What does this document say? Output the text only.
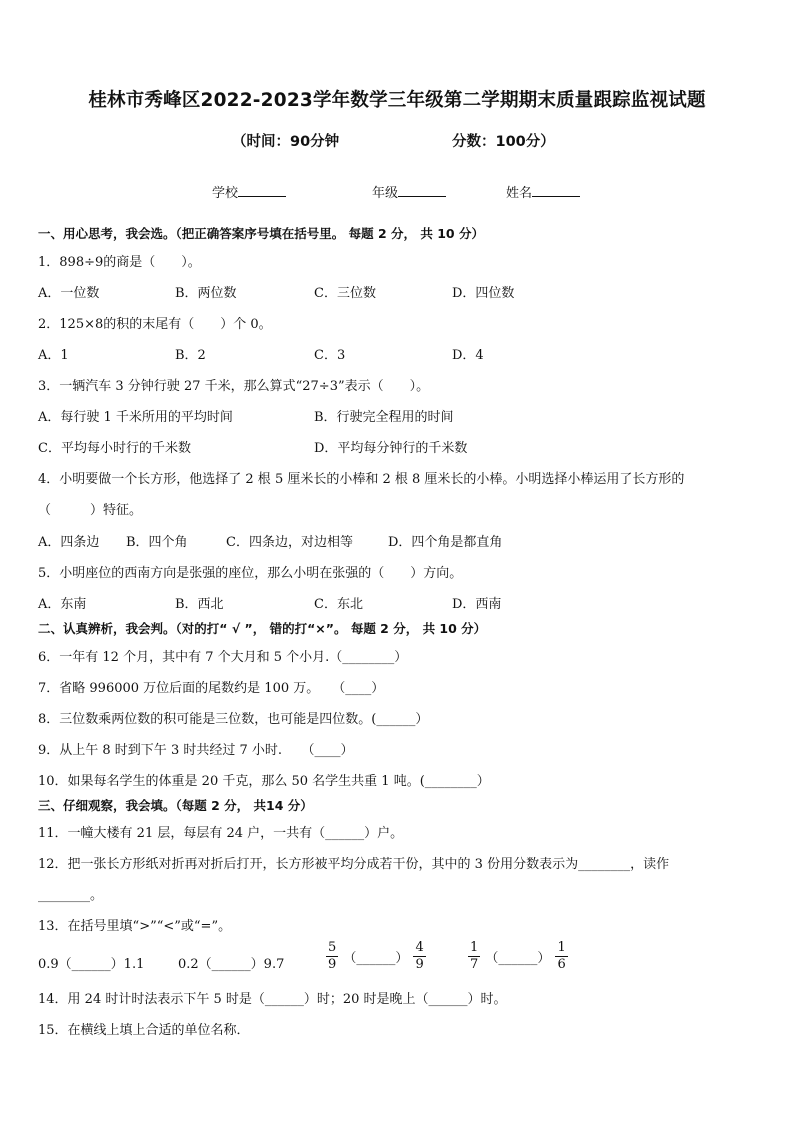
桂林市秀峰区2022-2023学年数学三年级第二学期期末质量跟踪监视试题
（时间：90分钟	分数：100分）
学校	年级	姓名
一、用心思考，我会选。（把正确答案序号填在括号里。 每题 2 分， 共 10 分）
1．898÷9的商是（　　）。
A．一位数	B．两位数	C．三位数	D．四位数
2．125×8的积的末尾有（　　）个 0。
A．1	B．2	C．3	D．4
3．一辆汽车 3 分钟行驶 27 千米，那么算式“27÷3”表示（　　）。
A．每行驶 1 千米所用的平均时间	B．行驶完全程用的时间
C．平均每小时行的千米数	D．平均每分钟行的千米数
4．小明要做一个长方形，他选择了 2 根 5 厘米长的小棒和 2 根 8 厘米长的小棒。小明选择小棒运用了长方形的
（　　　）特征。
A．四条边 B．四个角	C．四条边，对边相等	D．四个角是都直角
5．小明座位的西南方向是张强的座位，那么小明在张强的（　　）方向。
A．东南	B．西北	C．东北	D．西南
二、认真辨析，我会判。（对的打“ √ ”， 错的打“×”。 每题 2 分， 共 10 分）
6．一年有 12 个月，其中有 7 个大月和 5 个小月.（________）
7．省略 996000 万位后面的尾数约是 100 万。　　（____）
8．三位数乘两位数的积可能是三位数，也可能是四位数。(______）
9．从上午 8 时到下午 3 时共经过 7 小时.　　（____）
10．如果每名学生的体重是 20 千克，那么 50 名学生共重 1 吨。(________）
三、仔细观察，我会填。（每题 2 分， 共14 分）
11．一幢大楼有 21 层，每层有 24 户，一共有（______）户。
12．把一张长方形纸对折再对折后打开，长方形被平均分成若干份，其中的 3 份用分数表示为________，读作
________。
13．在括号里填“>”“<”或“=”。
0.9（______）1.1	0.2（______）9.7	$\frac{5}{9}$ （______） $\frac{4}{9}$	$\frac{1}{7}$ （______） $\frac{1}{6}$
14．用 24 时计时法表示下午 5 时是（______）时；20 时是晚上（______）时。
15．在横线上填上合适的单位名称．
